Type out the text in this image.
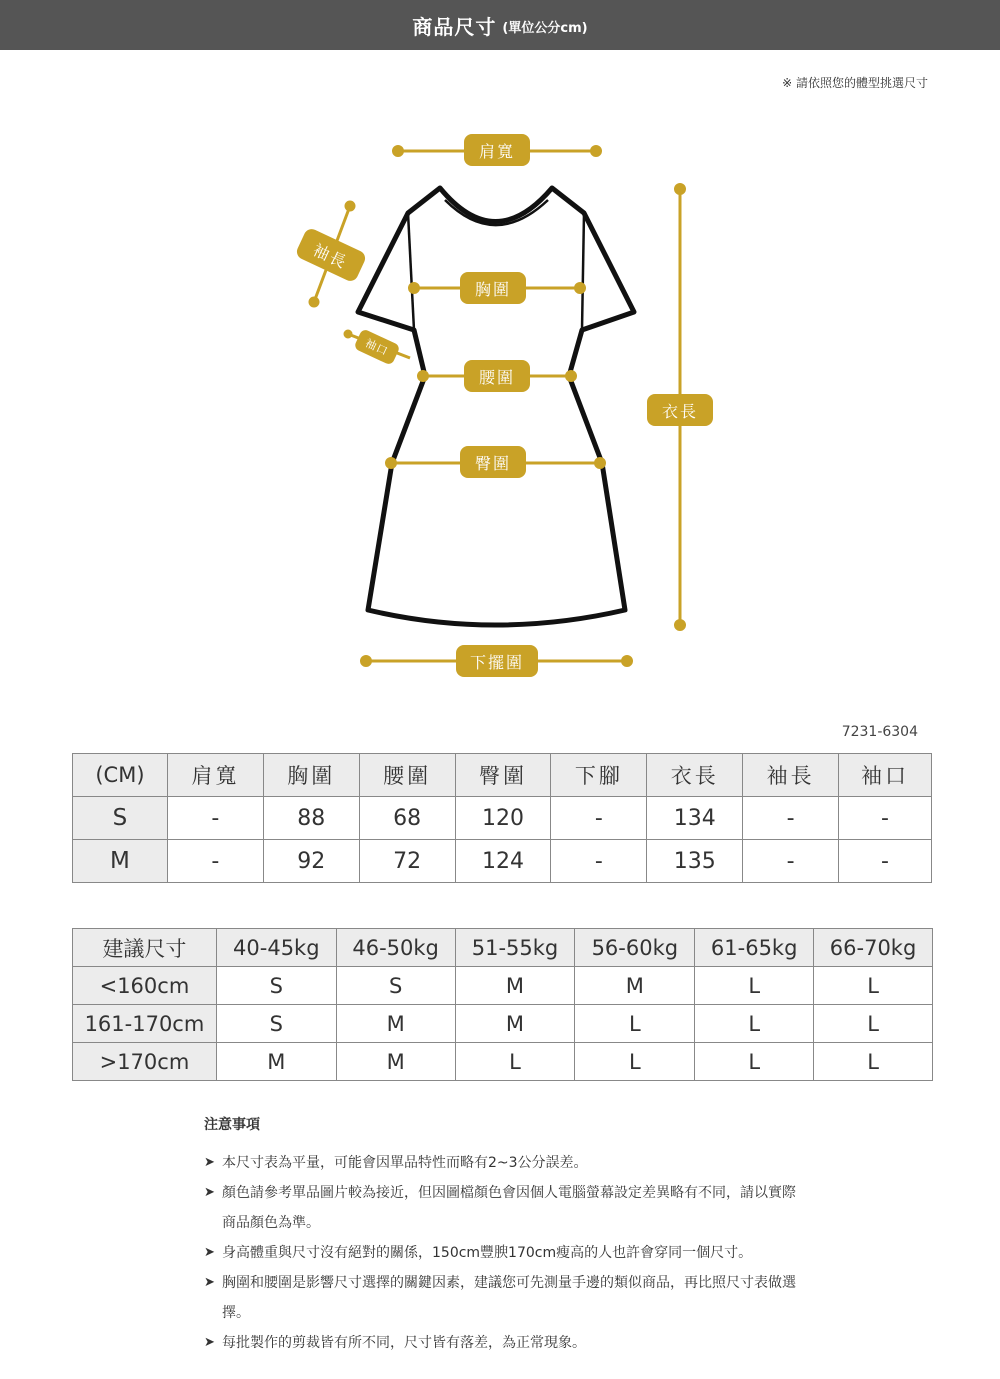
商品尺寸 (單位公分cm)
※ 請依照您的體型挑選尺寸
肩寬
袖長
袖口
胸圍
腰圍
臀圍
衣長
下擺圍
7231-6304
(CM)	肩寬	胸圍	腰圍	臀圍	下腳	衣長	袖長	袖口
S	-	88	68	120	-	134	-	-
M	-	92	72	124	-	135	-	-
建議尺寸	40-45kg	46-50kg	51-55kg	56-60kg	61-65kg	66-70kg
<160cm	S	S	M	M	L	L
161-170cm	S	M	M	L	L	L
>170cm	M	M	L	L	L	L
注意事項
➤ 本尺寸表為平量，可能會因單品特性而略有2~3公分誤差。
➤ 顏色請參考單品圖片較為接近，但因圖檔顏色會因個人電腦螢幕設定差異略有不同，請以實際商品顏色為準。
➤ 身高體重與尺寸沒有絕對的關係，150cm豐腴170cm瘦高的人也許會穿同一個尺寸。
➤ 胸圍和腰圍是影響尺寸選擇的關鍵因素，建議您可先測量手邊的類似商品，再比照尺寸表做選擇。
➤ 每批製作的剪裁皆有所不同，尺寸皆有落差，為正常現象。
